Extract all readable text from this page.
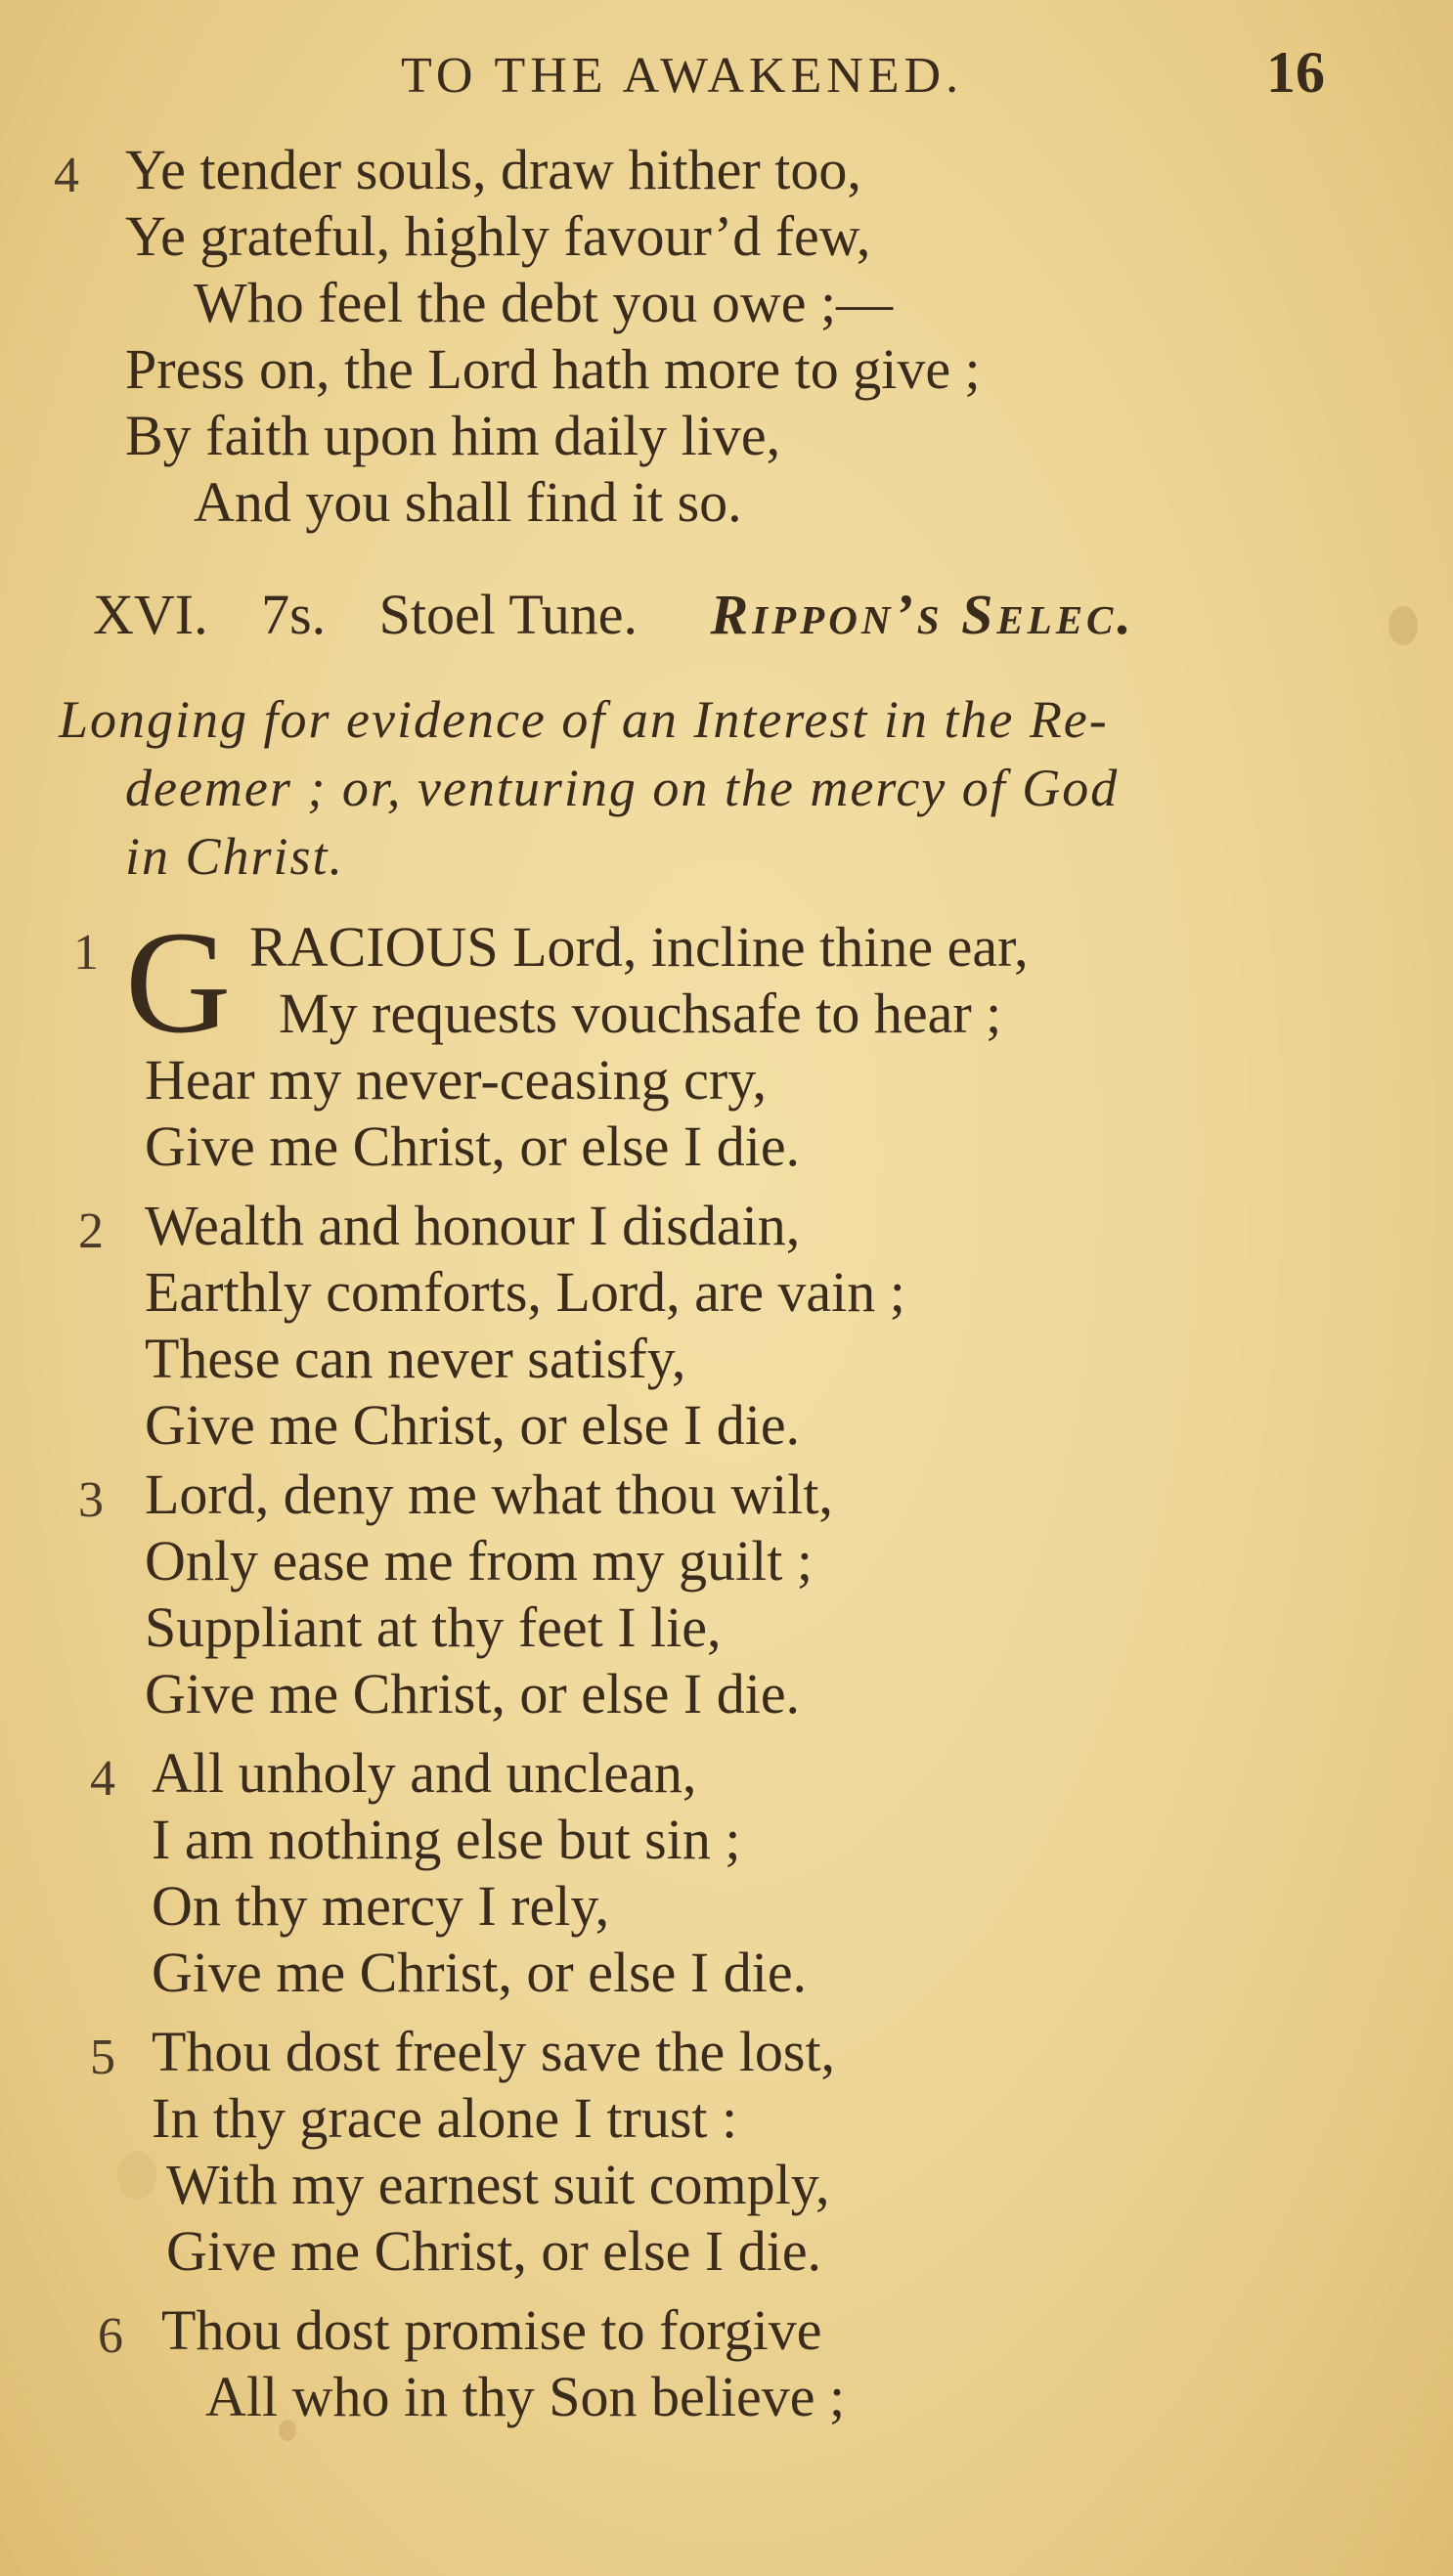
TO THE AWAKENED.	16
4 Ye tender souls, draw hither too,
Ye grateful, highly favour’d few,
Who feel the debt you owe ;—
Press on, the Lord hath more to give ;
By faith upon him daily live,
And you shall find it so.
XVI. 7s. Stoel Tune. Rippon’s Selec.
Longing for evidence of an Interest in the Re-
deemer ; or, venturing on the mercy of God
in Christ.
1 G RACIOUS Lord, incline thine ear,
My requests vouchsafe to hear ;
Hear my never-ceasing cry,
Give me Christ, or else I die.
2 Wealth and honour I disdain,
Earthly comforts, Lord, are vain ;
These can never satisfy,
Give me Christ, or else I die.
3 Lord, deny me what thou wilt,
Only ease me from my guilt ;
Suppliant at thy feet I lie,
Give me Christ, or else I die.
4 All unholy and unclean,
I am nothing else but sin ;
On thy mercy I rely,
Give me Christ, or else I die.
5 Thou dost freely save the lost,
In thy grace alone I trust :
With my earnest suit comply,
Give me Christ, or else I die.
6 Thou dost promise to forgive
All who in thy Son believe ;
